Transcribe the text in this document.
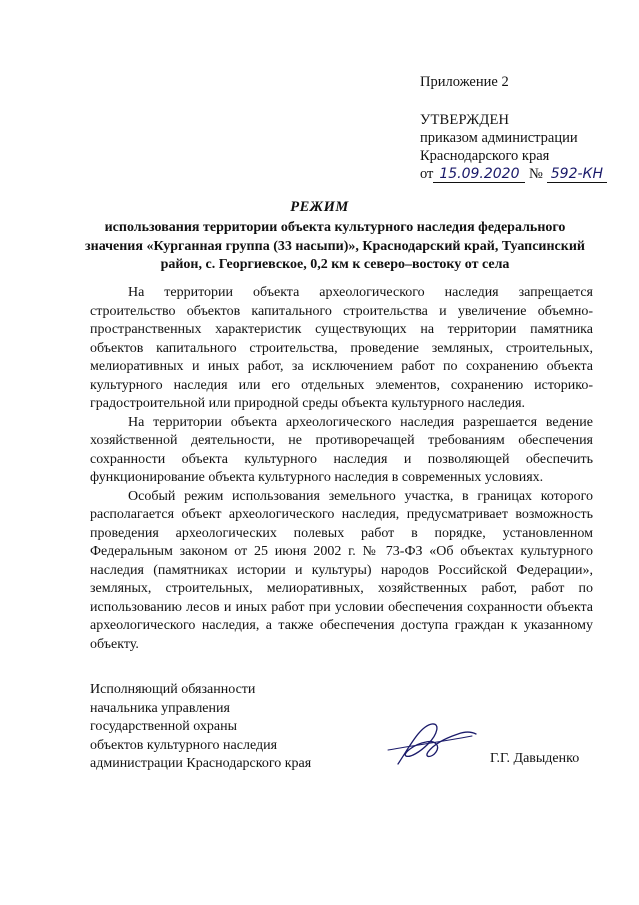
Приложение 2
УТВЕРЖДЕН
приказом администрации
Краснодарского края
от 15.09.2020 № 592-КН
РЕЖИМ
использования территории объекта культурного наследия федерального значения «Курганная группа (33 насыпи)», Краснодарский край, Туапсинский район, с. Георгиевское, 0,2 км к северо–востоку от села

На территории объекта археологического наследия запрещается строительство объектов капитального строительства и увеличение объемно-пространственных характеристик существующих на территории памятника объектов капитального строительства, проведение земляных, строительных, мелиоративных и иных работ, за исключением работ по сохранению объекта культурного наследия или его отдельных элементов, сохранению историко-градостроительной или природной среды объекта культурного наследия.

На территории объекта археологического наследия разрешается ведение хозяйственной деятельности, не противоречащей требованиям обеспечения сохранности объекта культурного наследия и позволяющей обеспечить функционирование объекта культурного наследия в современных условиях.

Особый режим использования земельного участка, в границах которого располагается объект археологического наследия, предусматривает возможность проведения археологических полевых работ в порядке, установленном Федеральным законом от 25 июня 2002 г. № 73-ФЗ «Об объектах культурного наследия (памятниках истории и культуры) народов Российской Федерации», земляных, строительных, мелиоративных, хозяйственных работ, работ по использованию лесов и иных работ при условии обеспечения сохранности объекта археологического наследия, а также обеспечения доступа граждан к указанному объекту.

Исполняющий обязанности
начальника управления
государственной охраны
объектов культурного наследия
администрации Краснодарского края	Г.Г. Давыденко
